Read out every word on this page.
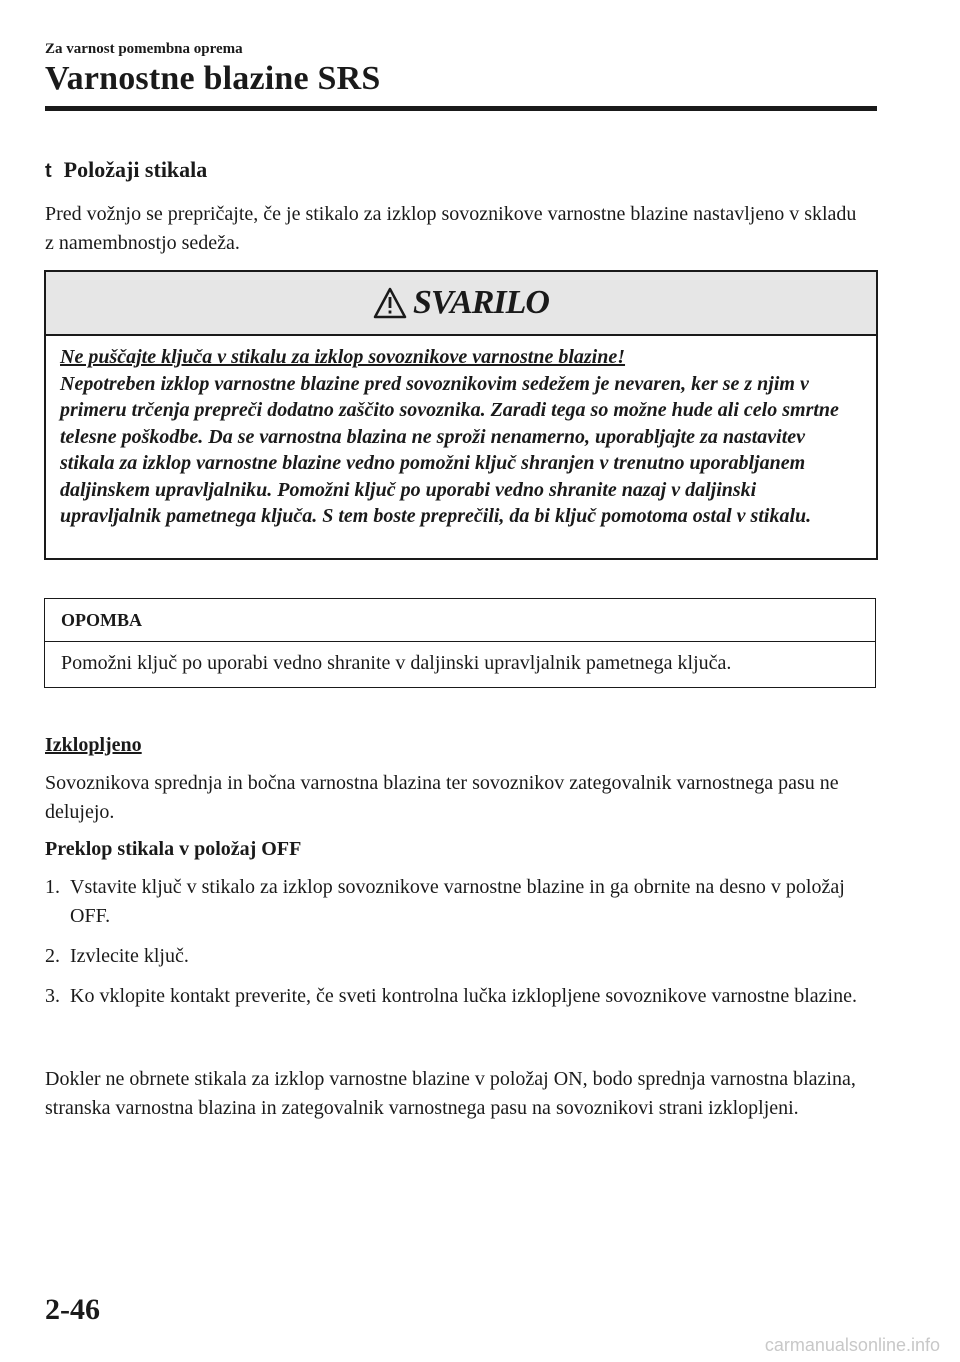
Za varnost pomembna oprema
Varnostne blazine SRS
t Položaji stikala
Pred vožnjo se prepričajte, če je stikalo za izklop sovoznikove varnostne blazine nastavljeno v skladu z namembnostjo sedeža.
SVARILO
Ne puščajte ključa v stikalu za izklop sovoznikove varnostne blazine!
Nepotreben izklop varnostne blazine pred sovoznikovim sedežem je nevaren, ker se z njim v primeru trčenja prepreči dodatno zaščito sovoznika. Zaradi tega so možne hude ali celo smrtne telesne poškodbe. Da se varnostna blazina ne sproži nenamerno, uporabljajte za nastavitev stikala za izklop varnostne blazine vedno pomožni ključ shranjen v trenutno uporabljanem daljinskem upravljalniku. Pomožni ključ po uporabi vedno shranite nazaj v daljinski upravljalnik pametnega ključa. S tem boste preprečili, da bi ključ pomotoma ostal v stikalu.
OPOMBA
Pomožni ključ po uporabi vedno shranite v daljinski upravljalnik pametnega ključa.
Izklopljeno
Sovoznikova sprednja in bočna varnostna blazina ter sovoznikov zategovalnik varnostnega pasu ne delujejo.
Preklop stikala v položaj OFF
1. Vstavite ključ v stikalo za izklop sovoznikove varnostne blazine in ga obrnite na desno v položaj OFF.
2. Izvlecite ključ.
3. Ko vklopite kontakt preverite, če sveti kontrolna lučka izklopljene sovoznikove varnostne blazine.
Dokler ne obrnete stikala za izklop varnostne blazine v položaj ON, bodo sprednja varnostna blazina, stranska varnostna blazina in zategovalnik varnostnega pasu na sovoznikovi strani izklopljeni.
2-46
carmanualsonline.info
